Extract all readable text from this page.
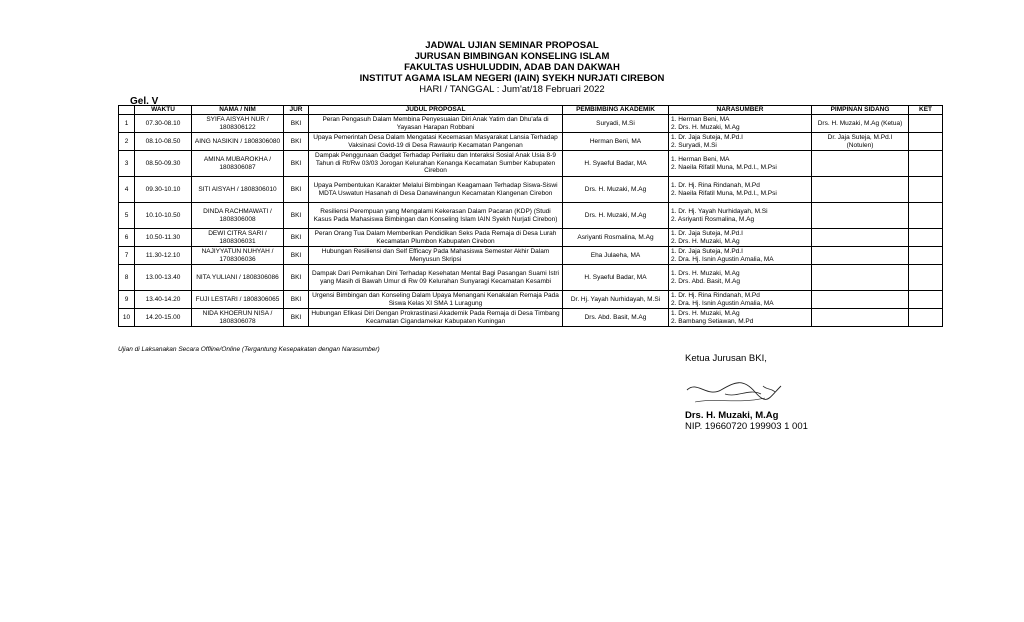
JADWAL UJIAN SEMINAR PROPOSAL
JURUSAN BIMBINGAN KONSELING ISLAM
FAKULTAS USHULUDDIN, ADAB DAN DAKWAH
INSTITUT AGAMA ISLAM NEGERI (IAIN) SYEKH NURJATI CIREBON
HARI / TANGGAL : Jum'at/18 Februari 2022
Gel. V
	WAKTU	NAMA / NIM	JUR	JUDUL PROPOSAL	PEMBIMBING AKADEMIK	NARASUMBER	PIMPINAN SIDANG	KET
1	07.30-08.10	SYIFA AISYAH NUR / 1808306122	BKI	Peran Pengasuh Dalam Membina Penyesuaian Diri Anak Yatim dan Dhu'afa di Yayasan Harapan Robbani	Suryadi, M.Si	1. Herman Beni, MA
2. Drs. H. Muzaki, M.Ag	Drs. H. Muzaki, M.Ag (Ketua)	
2	08.10-08.50	AING NASIKIN / 1808306080	BKI	Upaya Pemerintah Desa Dalam Mengatasi Kecemasan Masyarakat Lansia Terhadap Vaksinasi Covid-19 di Desa Rawaurip Kecamatan Pangenan	Herman Beni, MA	1. Dr. Jaja Suteja, M.Pd.I
2. Suryadi, M.Si	Dr. Jaja Suteja, M.Pd.I (Notulen)	
3	08.50-09.30	AMINA MUBAROKHA / 1808306087	BKI	Dampak Penggunaan Gadget Terhadap Perilaku dan Interaksi Sosial Anak Usia 8-9 Tahun di Rt/Rw 03/03 Jorogan Kelurahan Kenanga Kecamatan Sumber Kabupaten Cirebon	H. Syaeful Badar, MA	1. Herman Beni, MA
2. Naeila Rifatil Muna, M.Pd.I., M.Psi		

4	09.30-10.10	SITI AISYAH / 1808306010	BKI	Upaya Pembentukan Karakter Melalui Bimbingan Keagamaan Terhadap Siswa-Siswi MDTA Uswatun Hasanah di Desa Danawinangun Kecamatan Klangenan Cirebon	Drs. H. Muzaki, M.Ag	1. Dr. Hj. Rina Rindanah, M.Pd
2. Naeila Rifatil Muna, M.Pd.I., M.Psi		

5	10.10-10.50	DINDA RACHMAWATI / 1808306008	BKI	Resiliensi Perempuan yang Mengalami Kekerasan Dalam Pacaran (KDP) (Studi Kasus Pada Mahasiswa Bimbingan dan Konseling Islam IAIN Syekh Nurjati Cirebon)	Drs. H. Muzaki, M.Ag	1. Dr. Hj. Yayah Nurhidayah, M.Si
2. Asriyanti Rosmalina, M.Ag		

6	10.50-11.30	DEWI CITRA SARI / 1808306031	BKI	Peran Orang Tua Dalam Memberikan Pendidikan Seks Pada Remaja di Desa Lurah Kecamatan Plumbon Kabupaten Cirebon	Asriyanti Rosmalina, M.Ag	1. Dr. Jaja Suteja, M.Pd.I
2. Drs. H. Muzaki, M.Ag		

7	11.30-12.10	NAJIYYATUN NUHYAH / 1708306036	BKI	Hubungan Resiliensi dan Self Efficacy Pada Mahasiswa Semester Akhir Dalam Menyusun Skripsi	Eha Julaeha, MA	1. Dr. Jaja Suteja, M.Pd.I
2. Dra. Hj. Isnin Agustin Amalia, MA		

8	13.00-13.40	NITA YULIANI / 1808306086	BKI	Dampak Dari Pernikahan Dini Terhadap Kesehatan Mental Bagi Pasangan Suami Istri yang Masih di Bawah Umur di Rw 09 Kelurahan Sunyaragi Kecamatan Kesambi	H. Syaeful Badar, MA	1. Drs. H. Muzaki, M.Ag
2. Drs. Abd. Basit, M.Ag		

9	13.40-14.20	FUJI LESTARI / 1808306065	BKI	Urgensi Bimbingan dan Konseling Dalam Upaya Menangani Kenakalan Remaja Pada Siswa Kelas XI SMA 1 Luragung	Dr. Hj. Yayah Nurhidayah, M.Si	1. Dr. Hj. Rina Rindanah, M.Pd
2. Dra. Hj. Isnin Agustin Amalia, MA		

10	14.20-15.00	NIDA KHOERUN NISA / 1808306078	BKI	Hubungan Efikasi Diri Dengan Prokrastinasi Akademik Pada Remaja di Desa Timbang Kecamatan Cigandamekar Kabupaten Kuningan	Drs. Abd. Basit, M.Ag	1. Drs. H. Muzaki, M.Ag
2. Bambang Setiawan, M.Pd		

Ujian di Laksanakan Secara Offline/Online (Tergantung Kesepakatan dengan Narasumber)
Ketua Jurusan BKI,
Drs. H. Muzaki, M.Ag
NIP. 19660720 199903 1 001
